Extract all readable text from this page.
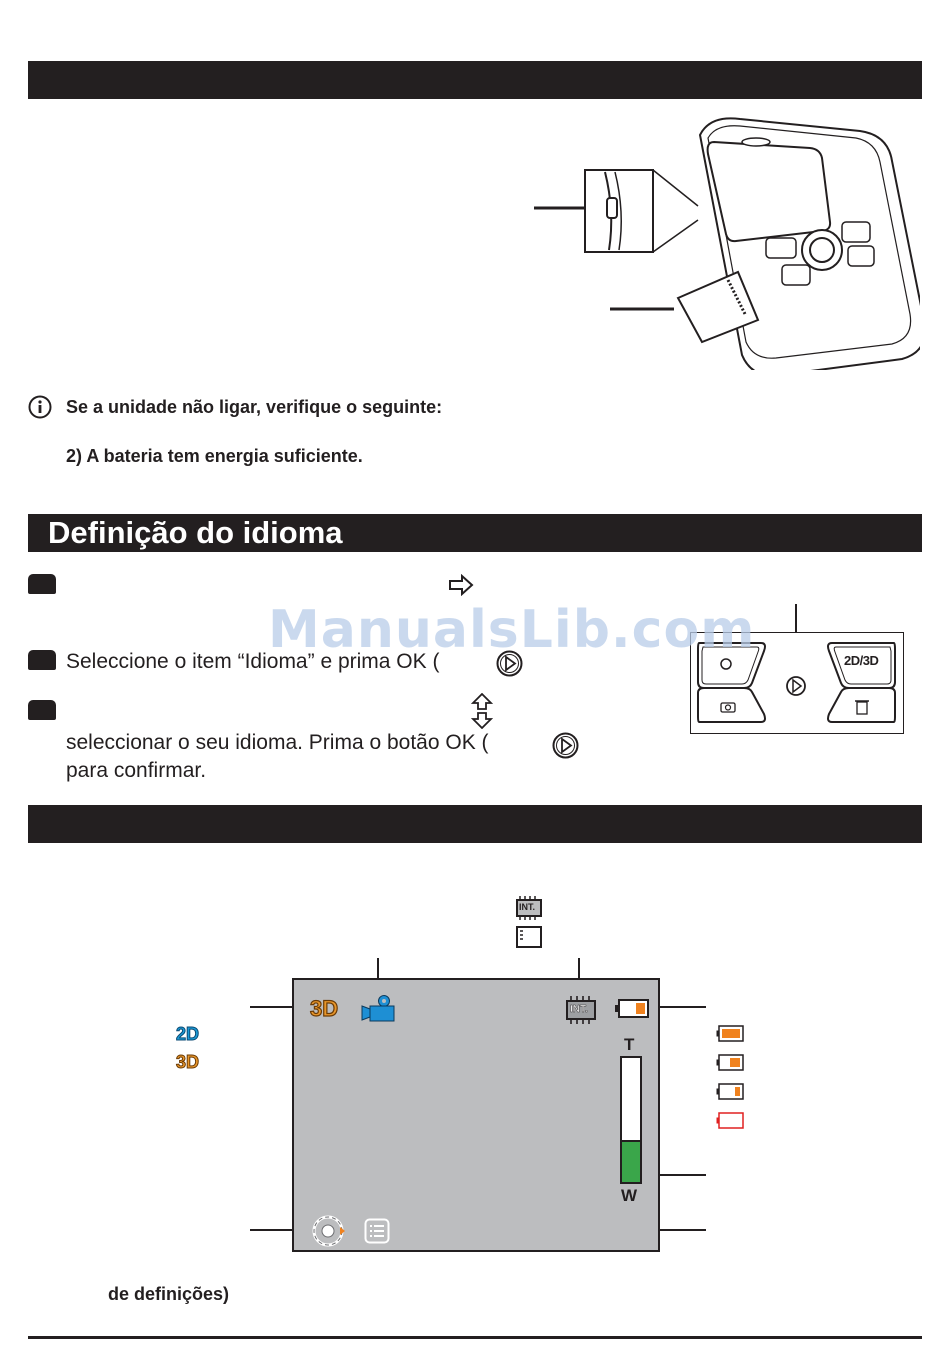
Se a unidade não ligar, verifique o seguinte:
2) A bateria tem energia suficiente.
Definição do idioma
Seleccione o item “Idioma” e prima OK (
seleccionar o seu idioma. Prima o botão OK (
para confirmar.
2D/3D
ManualsLib.com
INT.
2D
3D
3D	INT.
T
W
de definições)
